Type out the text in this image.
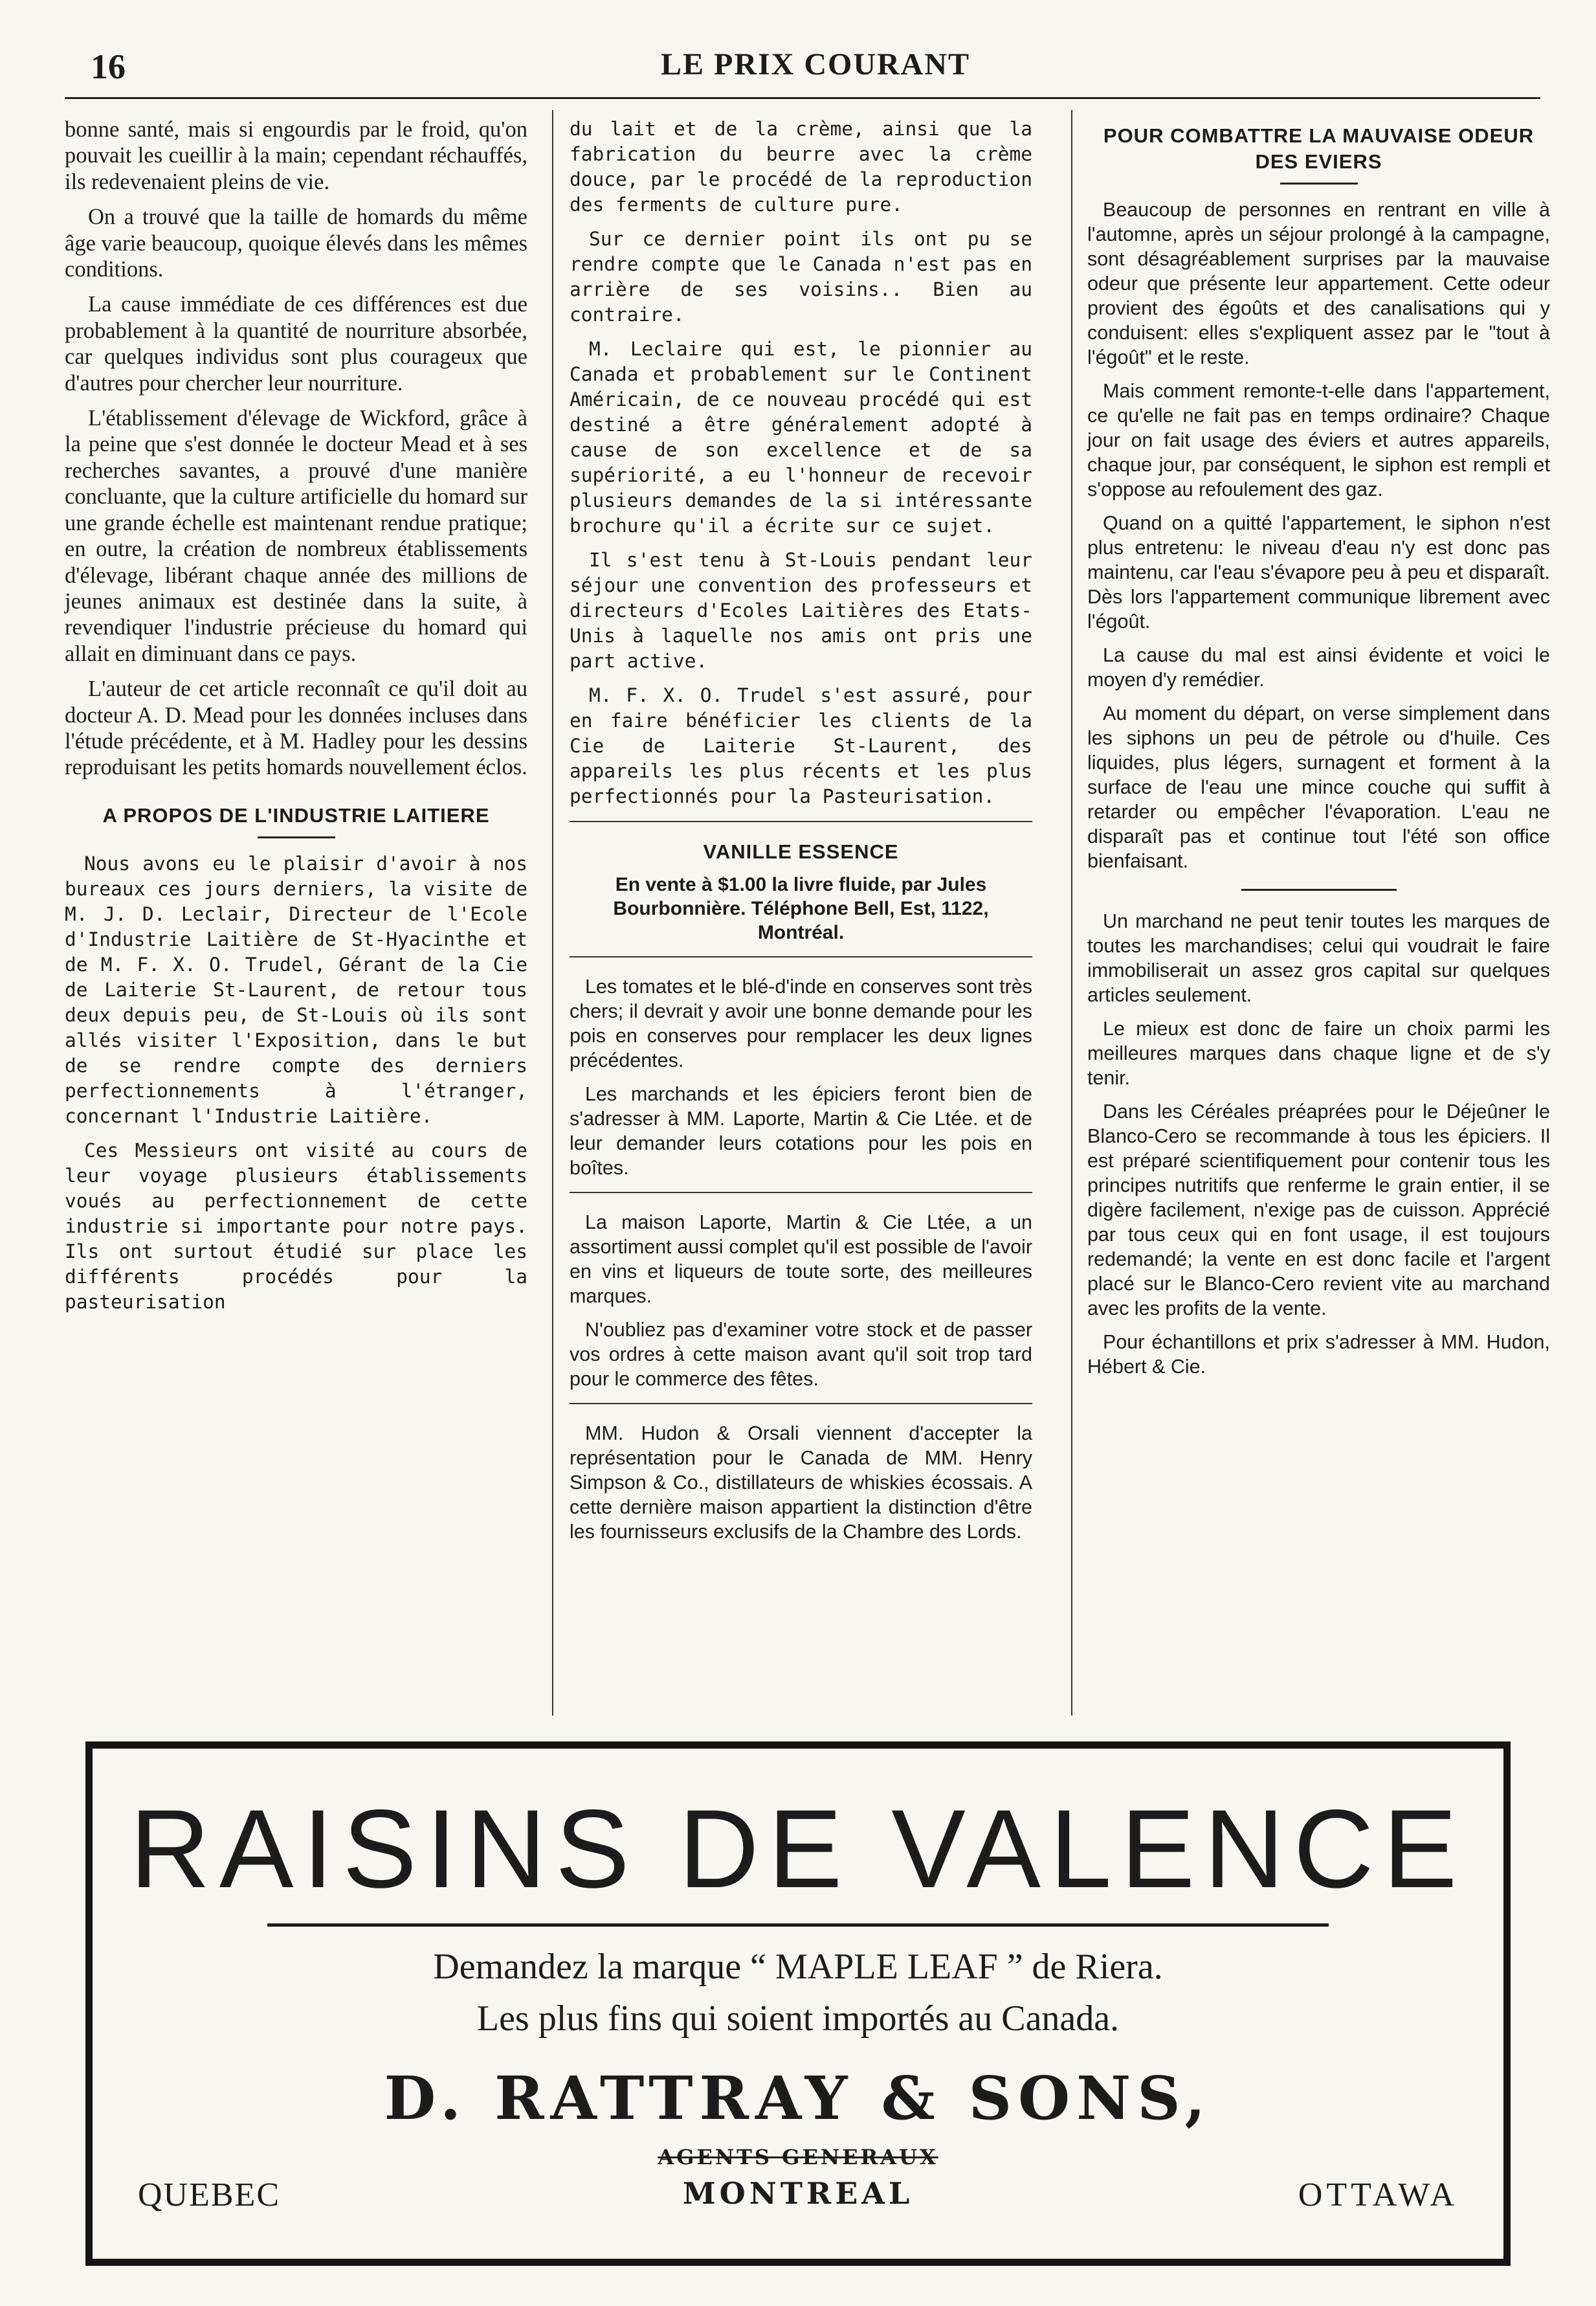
16	LE PRIX COURANT

bonne santé, mais si engourdis par le froid, qu'on pouvait les cueillir à la main; cependant réchauffés, ils redevenaient pleins de vie.

On a trouvé que la taille de homards du même âge varie beaucoup, quoique élevés dans les mêmes conditions.

La cause immédiate de ces différences est due probablement à la quantité de nourriture absorbée, car quelques individus sont plus courageux que d'autres pour chercher leur nourriture.

L'établissement d'élevage de Wickford, grâce à la peine que s'est donnée le docteur Mead et à ses recherches savantes, a prouvé d'une manière concluante, que la culture artificielle du homard sur une grande échelle est maintenant rendue pratique; en outre, la création de nombreux établissements d'élevage, libérant chaque année des millions de jeunes animaux est destinée dans la suite, à revendiquer l'industrie précieuse du homard qui allait en diminuant dans ce pays.

L'auteur de cet article reconnaît ce qu'il doit au docteur A. D. Mead pour les données incluses dans l'étude précédente, et à M. Hadley pour les dessins reproduisant les petits homards nouvellement éclos.

A PROPOS DE L'INDUSTRIE LAITIERE

Nous avons eu le plaisir d'avoir à nos bureaux ces jours derniers, la visite de M. J. D. Leclair, Directeur de l'Ecole d'Industrie Laitière de St-Hyacinthe et de M. F. X. O. Trudel, Gérant de la Cie de Laiterie St-Laurent, de retour tous deux depuis peu, de St-Louis où ils sont allés visiter l'Exposition, dans le but de se rendre compte des derniers perfectionnements à l'étranger, concernant l'Industrie Laitière.

Ces Messieurs ont visité au cours de leur voyage plusieurs établissements voués au perfectionnement de cette industrie si importante pour notre pays. Ils ont surtout étudié sur place les différents procédés pour la pasteurisation

du lait et de la crème, ainsi que la fabrication du beurre avec la crème douce, par le procédé de la reproduction des ferments de culture pure.

Sur ce dernier point ils ont pu se rendre compte que le Canada n'est pas en arrière de ses voisins.. Bien au contraire.

M. Leclaire qui est, le pionnier au Canada et probablement sur le Continent Américain, de ce nouveau procédé qui est destiné a être généralement adopté à cause de son excellence et de sa supériorité, a eu l'honneur de recevoir plusieurs demandes de la si intéressante brochure qu'il a écrite sur ce sujet.

Il s'est tenu à St-Louis pendant leur séjour une convention des professeurs et directeurs d'Ecoles Laitières des Etats-Unis à laquelle nos amis ont pris une part active.

M. F. X. O. Trudel s'est assuré, pour en faire bénéficier les clients de la Cie de Laiterie St-Laurent, des appareils les plus récents et les plus perfectionnés pour la Pasteurisation.

VANILLE ESSENCE
En vente à $1.00 la livre fluide, par Jules Bourbonnière. Téléphone Bell, Est, 1122, Montréal.

Les tomates et le blé-d'inde en conserves sont très chers; il devrait y avoir une bonne demande pour les pois en conserves pour remplacer les deux lignes précédentes.

Les marchands et les épiciers feront bien de s'adresser à MM. Laporte, Martin & Cie Ltée. et de leur demander leurs cotations pour les pois en boîtes.

La maison Laporte, Martin & Cie Ltée, a un assortiment aussi complet qu'il est possible de l'avoir en vins et liqueurs de toute sorte, des meilleures marques.

N'oubliez pas d'examiner votre stock et de passer vos ordres à cette maison avant qu'il soit trop tard pour le commerce des fêtes.

MM. Hudon & Orsali viennent d'accepter la représentation pour le Canada de MM. Henry Simpson & Co., distillateurs de whiskies écossais. A cette dernière maison appartient la distinction d'être les fournisseurs exclusifs de la Chambre des Lords.

POUR COMBATTRE LA MAUVAISE ODEUR DES EVIERS

Beaucoup de personnes en rentrant en ville à l'automne, après un séjour prolongé à la campagne, sont désagréablement surprises par la mauvaise odeur que présente leur appartement. Cette odeur provient des égoûts et des canalisations qui y conduisent: elles s'expliquent assez par le "tout à l'égoût" et le reste.

Mais comment remonte-t-elle dans l'appartement, ce qu'elle ne fait pas en temps ordinaire? Chaque jour on fait usage des éviers et autres appareils, chaque jour, par conséquent, le siphon est rempli et s'oppose au refoulement des gaz.

Quand on a quitté l'appartement, le siphon n'est plus entretenu: le niveau d'eau n'y est donc pas maintenu, car l'eau s'évapore peu à peu et disparaît. Dès lors l'appartement communique librement avec l'égoût.

La cause du mal est ainsi évidente et voici le moyen d'y remédier.

Au moment du départ, on verse simplement dans les siphons un peu de pétrole ou d'huile. Ces liquides, plus légers, surnagent et forment à la surface de l'eau une mince couche qui suffit à retarder ou empêcher l'évaporation. L'eau ne disparaît pas et continue tout l'été son office bienfaisant.

Un marchand ne peut tenir toutes les marques de toutes les marchandises; celui qui voudrait le faire immobiliserait un assez gros capital sur quelques articles seulement.

Le mieux est donc de faire un choix parmi les meilleures marques dans chaque ligne et de s'y tenir.

Dans les Céréales préaprées pour le Déjeûner le Blanco-Cero se recommande à tous les épiciers. Il est préparé scientifiquement pour contenir tous les principes nutritifs que renferme le grain entier, il se digère facilement, n'exige pas de cuisson. Apprécié par tous ceux qui en font usage, il est toujours redemandé; la vente en est donc facile et l'argent placé sur le Blanco-Cero revient vite au marchand avec les profits de la vente.

Pour échantillons et prix s'adresser à MM. Hudon, Hébert & Cie.

RAISINS DE VALENCE
Demandez la marque “ MAPLE LEAF ” de Riera.
Les plus fins qui soient importés au Canada.
D. RATTRAY & SONS,
AGENTS GENERAUX
QUEBEC	MONTREAL	OTTAWA
